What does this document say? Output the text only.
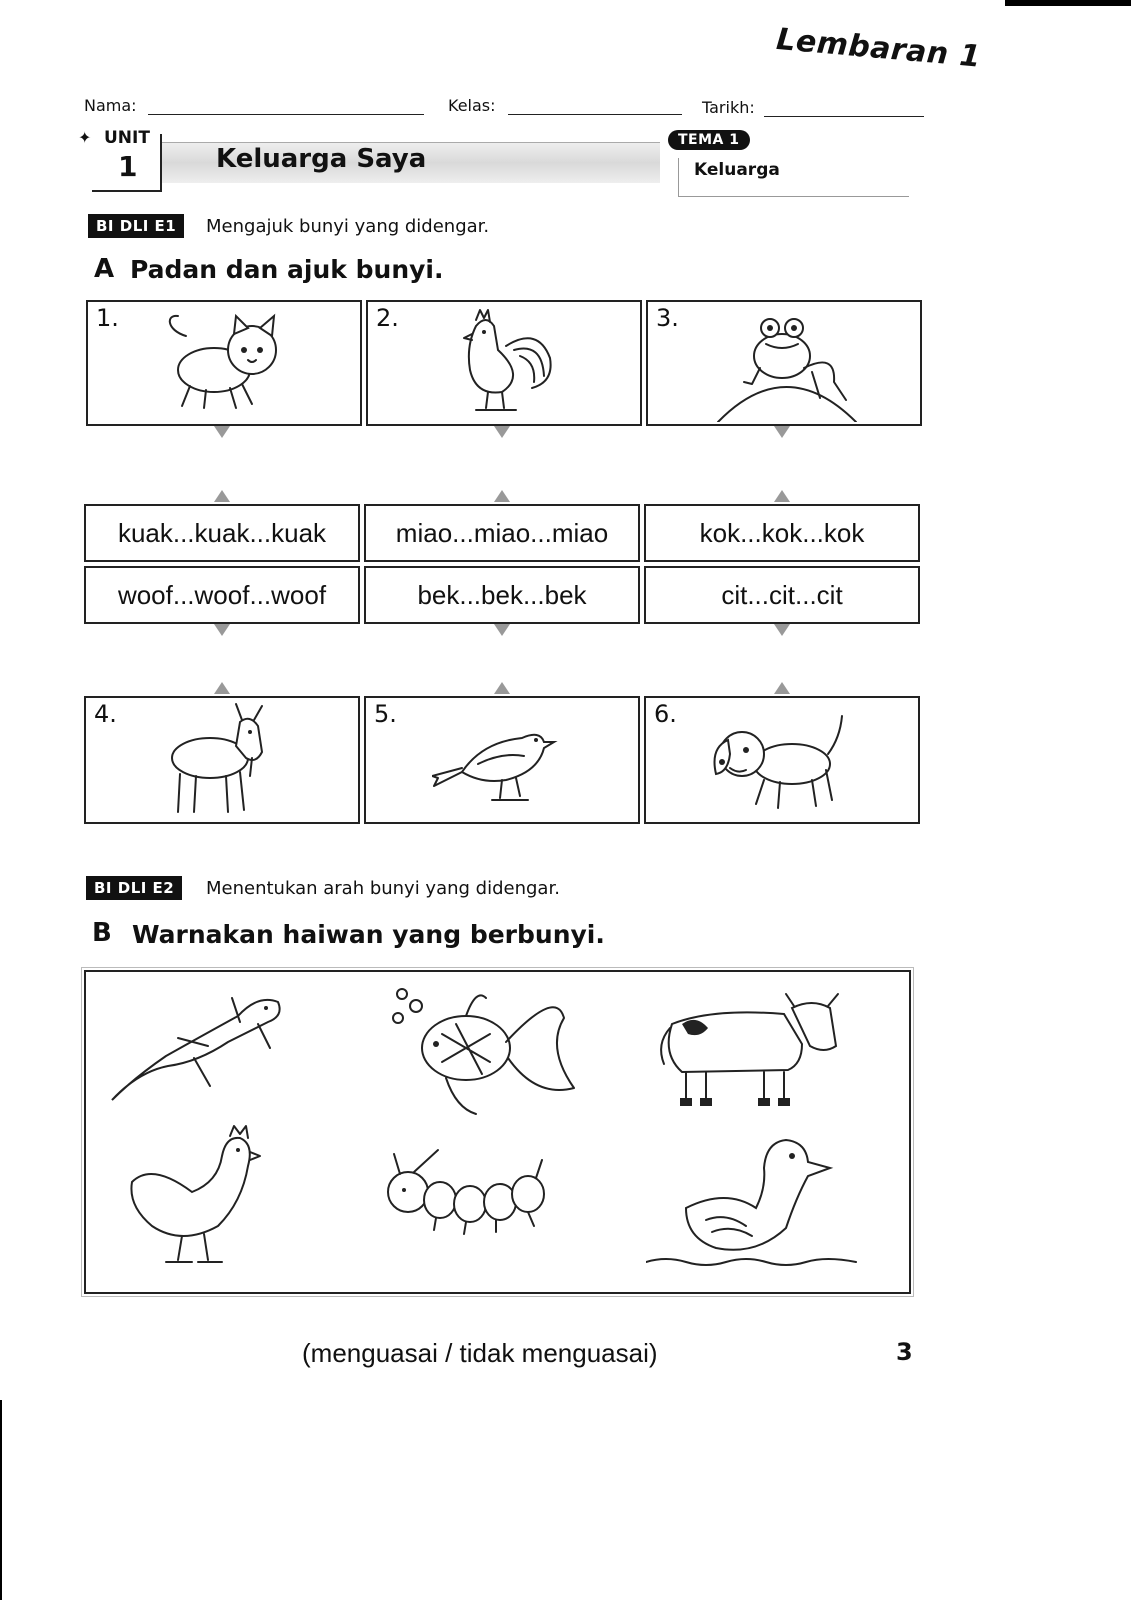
Lembaran 1
Nama:	Kelas:	Tarikh:
✦ UNIT
1	Keluarga Saya
TEMA 1
Keluarga
BI DLI E1	Mengajuk bunyi yang didengar.
A Padan dan ajuk bunyi.
1.	2.	3.
kuak...kuak...kuak	miao...miao...miao	kok...kok...kok
woof...woof...woof	bek...bek...bek	cit...cit...cit
4.	5.	6.
BI DLI E2	Menentukan arah bunyi yang didengar.
B Warnakan haiwan yang berbunyi.
(menguasai / tidak menguasai)	3
